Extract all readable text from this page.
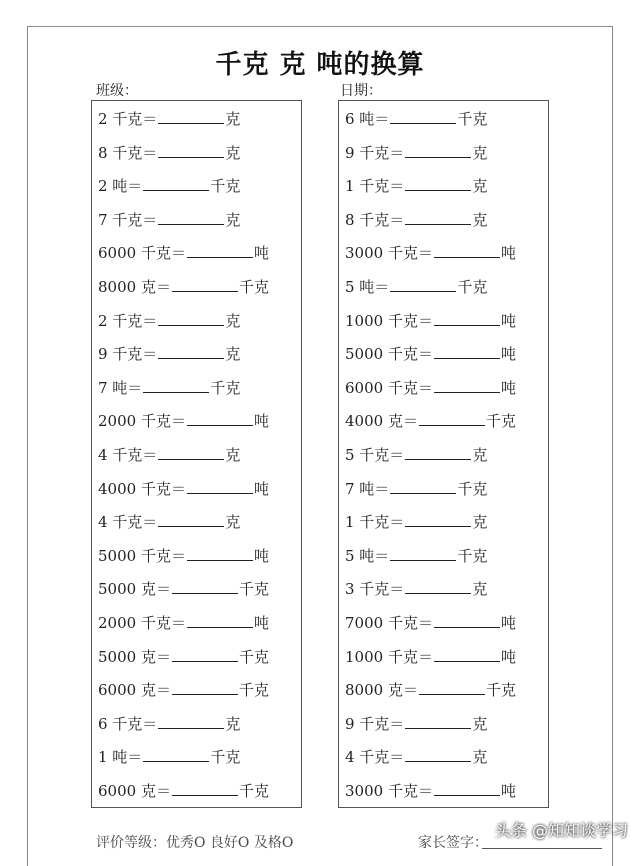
千克 克 吨的换算
班级：	日期：
2 千克＝	克
8 千克＝	克
2 吨＝	千克
7 千克＝	克
6000 千克＝	吨
8000 克＝	千克
2 千克＝	克
9 千克＝	克
7 吨＝	千克
2000 千克＝	吨
4 千克＝	克
4000 千克＝	吨
4 千克＝	克
5000 千克＝	吨
5000 克＝	千克
2000 千克＝	吨
5000 克＝	千克
6000 克＝	千克
6 千克＝	克
1 吨＝	千克
6000 克＝	千克
6 吨＝	千克
9 千克＝	克
1 千克＝	克
8 千克＝	克
3000 千克＝	吨
5 吨＝	千克
1000 千克＝	吨
5000 千克＝	吨
6000 千克＝	吨
4000 克＝	千克
5 千克＝	克
7 吨＝	千克
1 千克＝	克
5 吨＝	千克
3 千克＝	克
7000 千克＝	吨
1000 千克＝	吨
8000 克＝	千克
9 千克＝	克
4 千克＝	克
3000 千克＝	吨
评价等级：优秀O 良好O 及格O	家长签字：
头条 @知知谈学习
